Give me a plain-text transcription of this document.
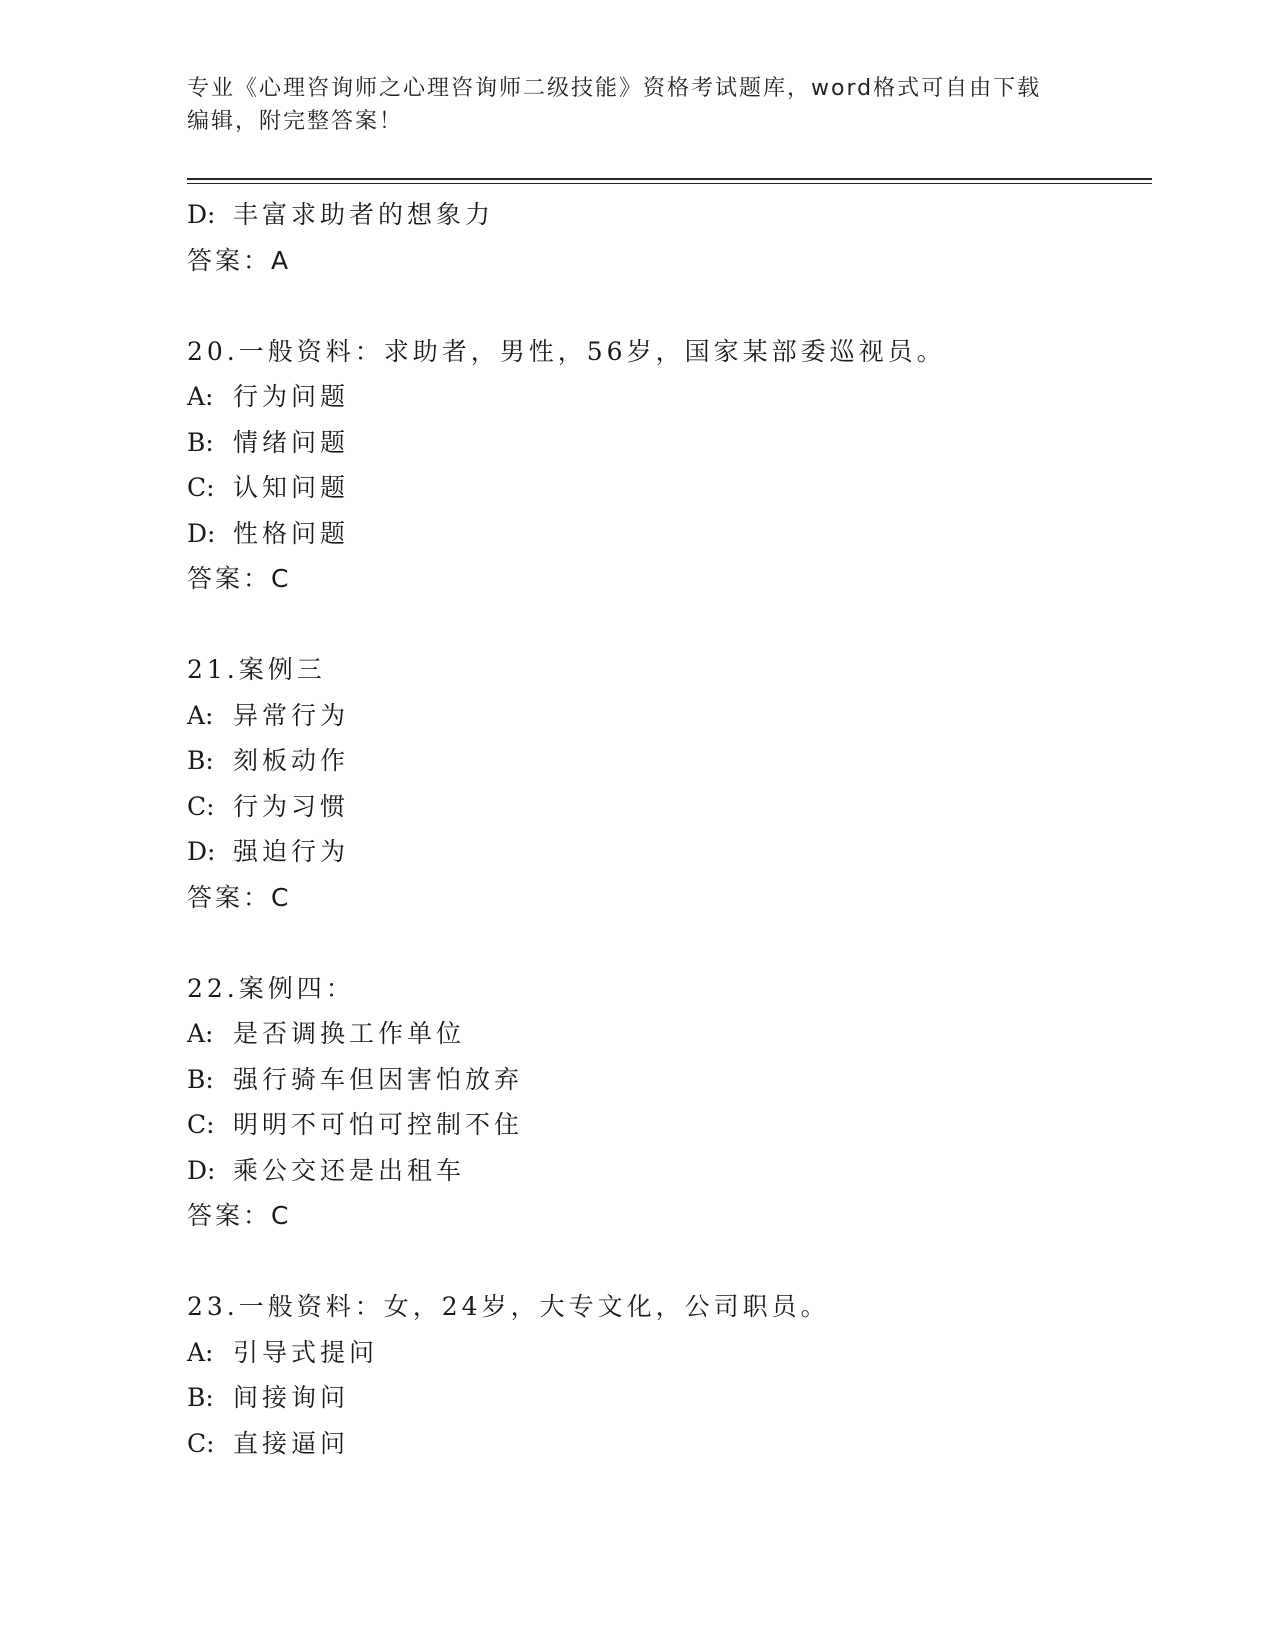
专业《心理咨询师之心理咨询师二级技能》资格考试题库，word格式可自由下载
编辑，附完整答案！
D: 丰富求助者的想象力
答案：A
20.一般资料：求助者，男性，56岁，国家某部委巡视员。
A: 行为问题
B: 情绪问题
C: 认知问题
D: 性格问题
答案：C
21.案例三
A: 异常行为
B: 刻板动作
C: 行为习惯
D: 强迫行为
答案：C
22.案例四：
A: 是否调换工作单位
B: 强行骑车但因害怕放弃
C: 明明不可怕可控制不住
D: 乘公交还是出租车
答案：C
23.一般资料：女，24岁，大专文化，公司职员。
A: 引导式提问
B: 间接询问
C: 直接逼问
